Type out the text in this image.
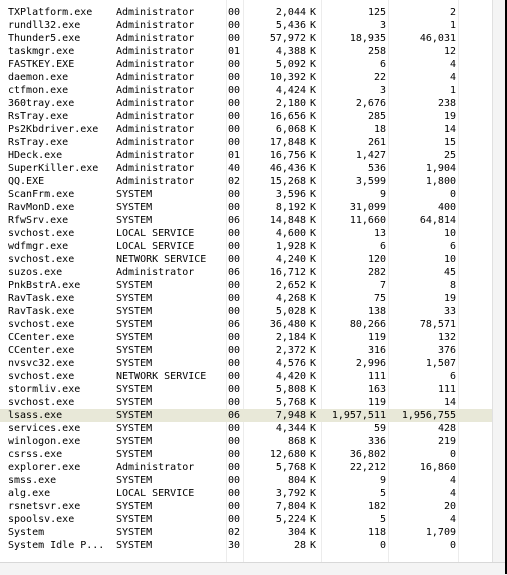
TXPlatform.exe	Administrator	00	2,044 K	125	2
rundll32.exe	Administrator	00	5,436 K	3	1
Thunder5.exe	Administrator	00	57,972 K	18,935	46,031
taskmgr.exe	Administrator	01	4,388 K	258	12
FASTKEY.EXE	Administrator	00	5,092 K	6	4
daemon.exe	Administrator	00	10,392 K	22	4
ctfmon.exe	Administrator	00	4,424 K	3	1
360tray.exe	Administrator	00	2,180 K	2,676	238
RsTray.exe	Administrator	00	16,656 K	285	19
Ps2Kbdriver.exe	Administrator	00	6,068 K	18	14
RsTray.exe	Administrator	00	17,848 K	261	15
HDeck.exe	Administrator	01	16,756 K	1,427	25
SuperKiller.exe	Administrator	40	46,436 K	536	1,904
QQ.EXE	Administrator	02	15,268 K	3,599	1,800
ScanFrm.exe	SYSTEM	00	3,596 K	9	0
RavMonD.exe	SYSTEM	00	8,192 K	31,099	400
RfwSrv.exe	SYSTEM	06	14,848 K	11,660	64,814
svchost.exe	LOCAL SERVICE	00	4,600 K	13	10
wdfmgr.exe	LOCAL SERVICE	00	1,928 K	6	6
svchost.exe	NETWORK SERVICE	00	4,240 K	120	10
suzos.exe	Administrator	06	16,712 K	282	45
PnkBstrA.exe	SYSTEM	00	2,652 K	7	8
RavTask.exe	SYSTEM	00	4,268 K	75	19
RavTask.exe	SYSTEM	00	5,028 K	138	33
svchost.exe	SYSTEM	06	36,480 K	80,266	78,571
CCenter.exe	SYSTEM	00	2,184 K	119	132
CCenter.exe	SYSTEM	00	2,372 K	316	376
nvsvc32.exe	SYSTEM	00	4,576 K	2,996	1,507
svchost.exe	NETWORK SERVICE	00	4,420 K	111	6
stormliv.exe	SYSTEM	00	5,808 K	163	111
svchost.exe	SYSTEM	00	5,768 K	119	14
lsass.exe	SYSTEM	06	7,948 K	1,957,511	1,956,755
services.exe	SYSTEM	00	4,344 K	59	428
winlogon.exe	SYSTEM	00	868 K	336	219
csrss.exe	SYSTEM	00	12,680 K	36,802	0
explorer.exe	Administrator	00	5,768 K	22,212	16,860
smss.exe	SYSTEM	00	804 K	9	4
alg.exe	LOCAL SERVICE	00	3,792 K	5	4
rsnetsvr.exe	SYSTEM	00	7,804 K	182	20
spoolsv.exe	SYSTEM	00	5,224 K	5	4
System	SYSTEM	02	304 K	118	1,709
System Idle P...	SYSTEM	30	28 K	0	0
